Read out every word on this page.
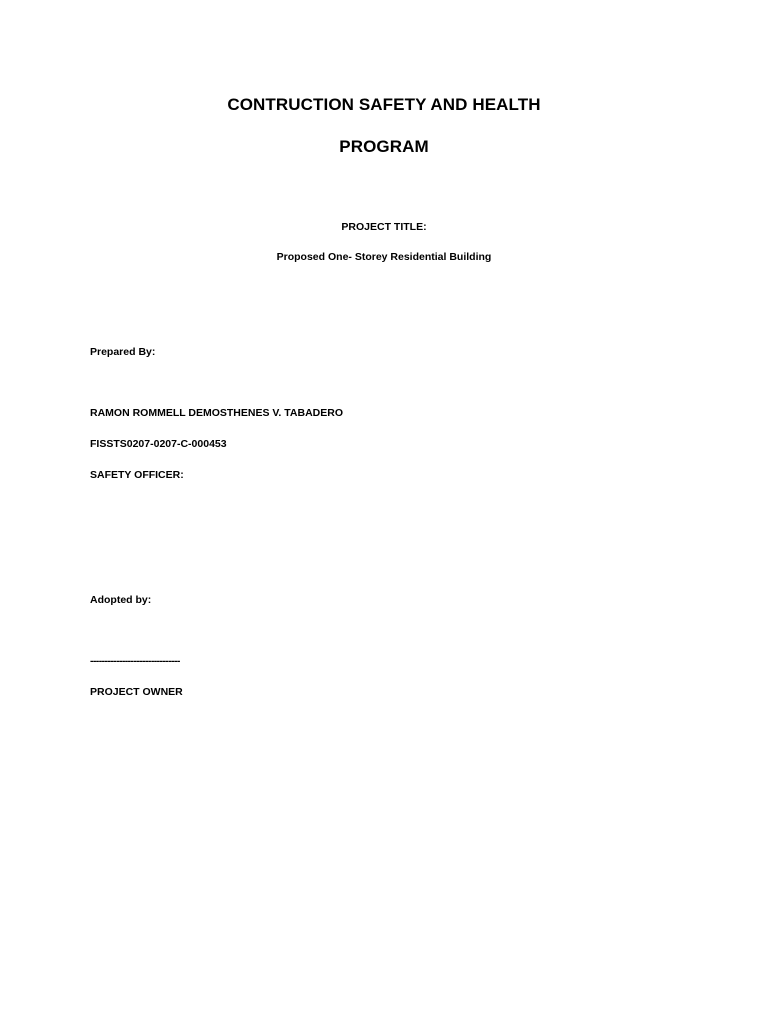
CONTRUCTION SAFETY AND HEALTH
PROGRAM
PROJECT TITLE:
Proposed One- Storey Residential Building
Prepared By:
RAMON ROMMELL DEMOSTHENES V. TABADERO
FISSTS0207-0207-C-000453
SAFETY OFFICER:
Adopted by:
-------------------------------
PROJECT OWNER
